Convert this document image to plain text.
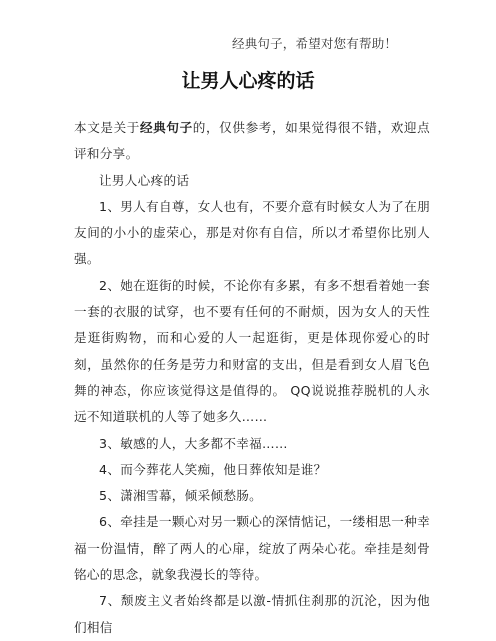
经典句子，希望对您有帮助！
让男人心疼的话

本文是关于经典句子的，仅供参考，如果觉得很不错，欢迎点评和分享。

让男人心疼的话

1、男人有自尊，女人也有，不要介意有时候女人为了在朋友间的小小的虚荣心，那是对你有自信，所以才希望你比别人强。

2、她在逛街的时候，不论你有多累，有多不想看着她一套一套的衣服的试穿，也不要有任何的不耐烦，因为女人的天性是逛街购物，而和心爱的人一起逛街，更是体现你爱心的时刻，虽然你的任务是劳力和财富的支出，但是看到女人眉飞色舞的神态，你应该觉得这是值得的。 QQ说说推荐脱机的人永远不知道联机的人等了她多久……

3、敏感的人，大多都不幸福……

4、而今葬花人笑痴，他日葬侬知是谁？

5、潇湘雪幕，倾采倾愁肠。

6、牵挂是一颗心对另一颗心的深情惦记，一缕相思一种幸福一份温情，醉了两人的心扉，绽放了两朵心花。牵挂是刻骨铭心的思念，就象我漫长的等待。

7、颓废主义者始终都是以激-情抓住刹那的沉沦，因为他们相信
